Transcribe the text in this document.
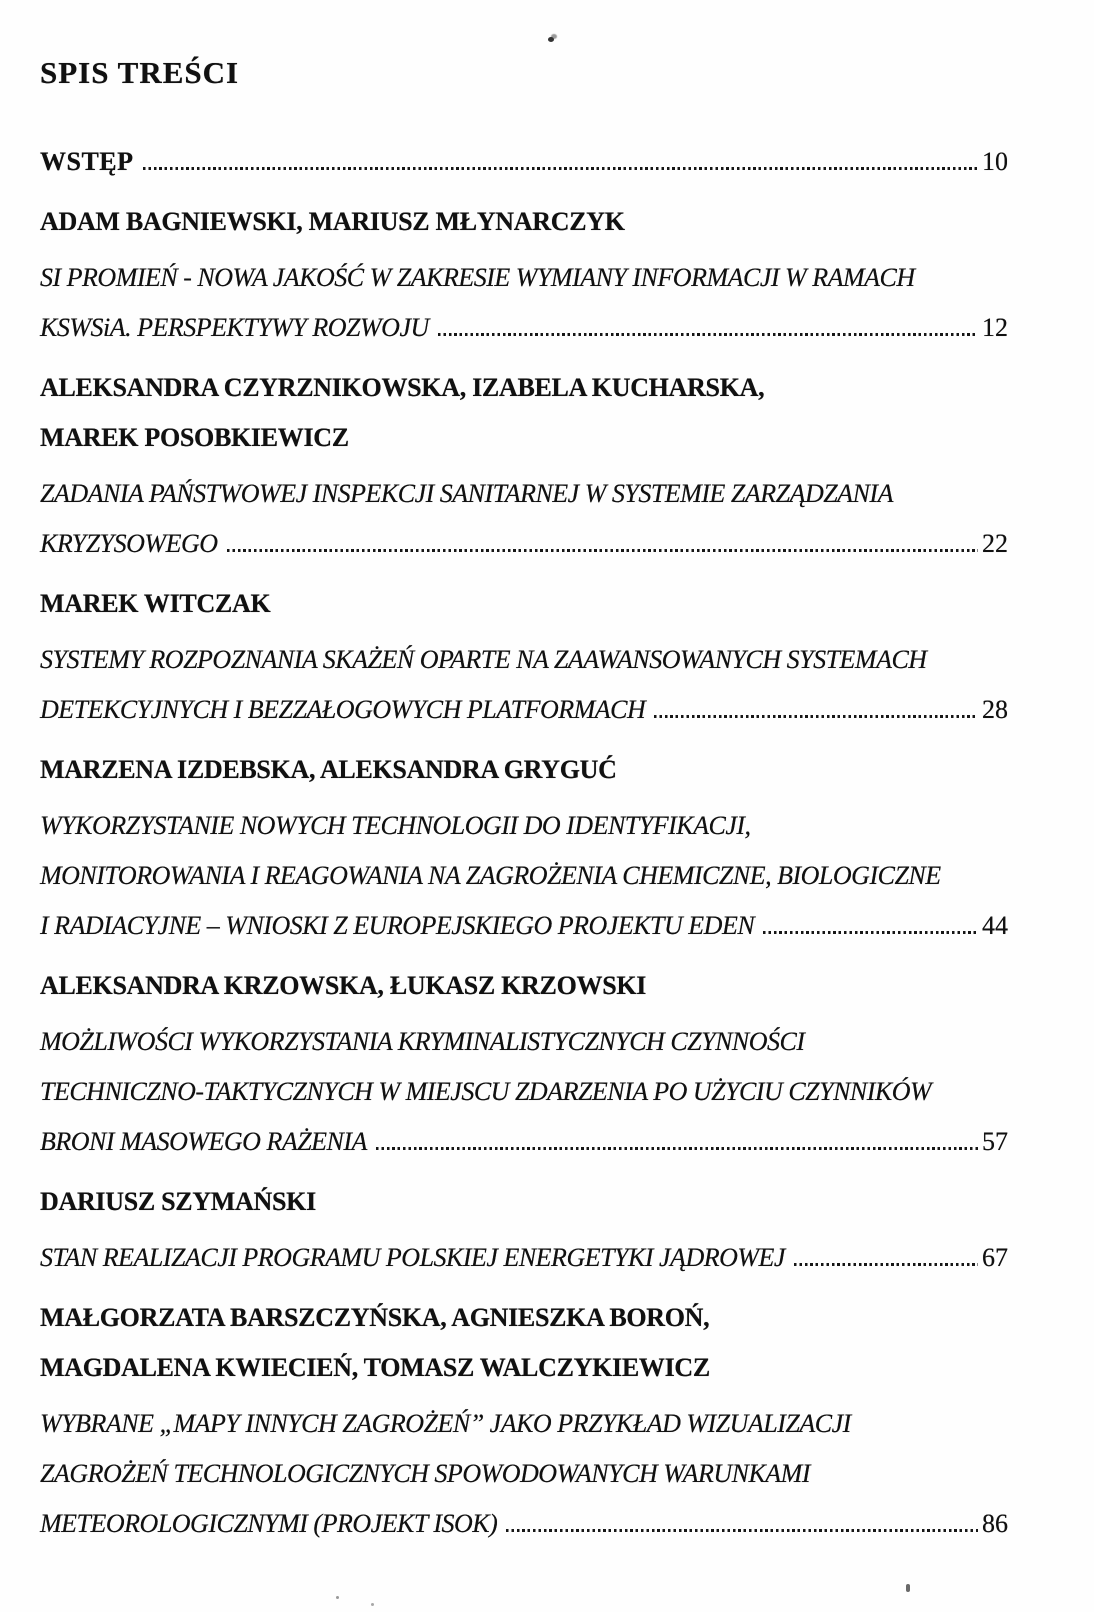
SPIS TREŚCI
WSTĘP	10
ADAM BAGNIEWSKI, MARIUSZ MŁYNARCZYK
SI PROMIEŃ - NOWA JAKOŚĆ W ZAKRESIE WYMIANY INFORMACJI W RAMACH
KSWSiA. PERSPEKTYWY ROZWOJU	12
ALEKSANDRA CZYRZNIKOWSKA, IZABELA KUCHARSKA,
MAREK POSOBKIEWICZ
ZADANIA PAŃSTWOWEJ INSPEKCJI SANITARNEJ W SYSTEMIE ZARZĄDZANIA
KRYZYSOWEGO	22
MAREK WITCZAK
SYSTEMY ROZPOZNANIA SKAŻEŃ OPARTE NA ZAAWANSOWANYCH SYSTEMACH
DETEKCYJNYCH I BEZZAŁOGOWYCH PLATFORMACH	28
MARZENA IZDEBSKA, ALEKSANDRA GRYGUĆ
WYKORZYSTANIE NOWYCH TECHNOLOGII DO IDENTYFIKACJI,
MONITOROWANIA I REAGOWANIA NA ZAGROŻENIA CHEMICZNE, BIOLOGICZNE
I RADIACYJNE – WNIOSKI Z EUROPEJSKIEGO PROJEKTU EDEN	44
ALEKSANDRA KRZOWSKA, ŁUKASZ KRZOWSKI
MOŻLIWOŚCI WYKORZYSTANIA KRYMINALISTYCZNYCH CZYNNOŚCI
TECHNICZNO-TAKTYCZNYCH W MIEJSCU ZDARZENIA PO UŻYCIU CZYNNIKÓW
BRONI MASOWEGO RAŻENIA	57
DARIUSZ SZYMAŃSKI
STAN REALIZACJI PROGRAMU POLSKIEJ ENERGETYKI JĄDROWEJ	67
MAŁGORZATA BARSZCZYŃSKA, AGNIESZKA BOROŃ,
MAGDALENA KWIECIEŃ, TOMASZ WALCZYKIEWICZ
WYBRANE „MAPY INNYCH ZAGROŻEŃ” JAKO PRZYKŁAD WIZUALIZACJI
ZAGROŻEŃ TECHNOLOGICZNYCH SPOWODOWANYCH WARUNKAMI
METEOROLOGICZNYMI (PROJEKT ISOK)	86
